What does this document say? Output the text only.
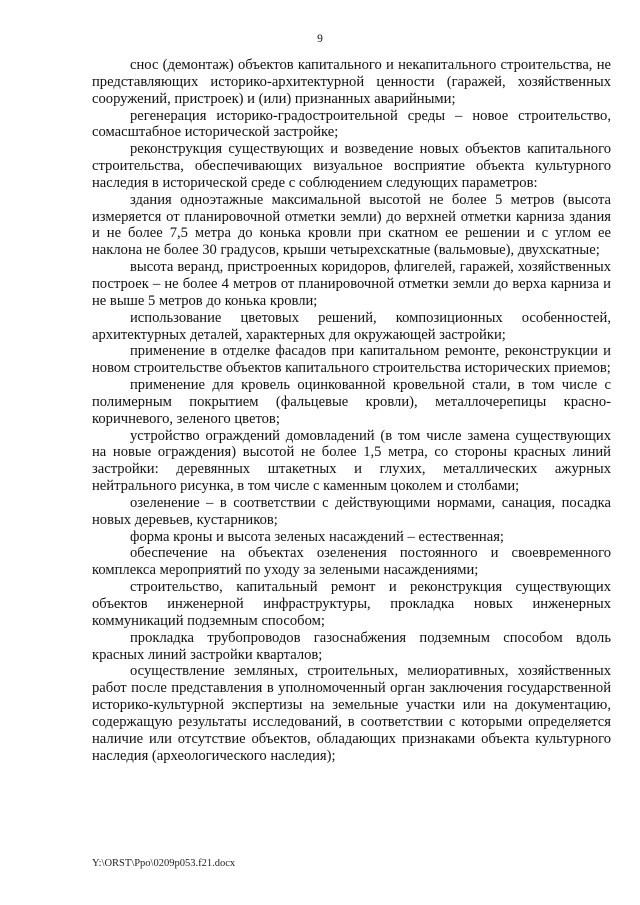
9

снос (демонтаж) объектов капитального и некапитального строительства, не представляющих историко-архитектурной ценности (гаражей, хозяйственных сооружений, пристроек) и (или) признанных аварийными;

регенерация историко-градостроительной среды – новое строительство, сомасштабное исторической застройке;

реконструкция существующих и возведение новых объектов капитального строительства, обеспечивающих визуальное восприятие объекта культурного наследия в исторической среде с соблюдением следующих параметров:

здания одноэтажные максимальной высотой не более 5 метров (высота измеряется от планировочной отметки земли) до верхней отметки карниза здания и не более 7,5 метра до конька кровли при скатном ее решении и с углом ее наклона не более 30 градусов, крыши четырехскатные (вальмовые), двухскатные;

высота веранд, пристроенных коридоров, флигелей, гаражей, хозяйственных построек – не более 4 метров от планировочной отметки земли до верха карниза и не выше 5 метров до конька кровли;

использование цветовых решений, композиционных особенностей, архитектурных деталей, характерных для окружающей застройки;

применение в отделке фасадов при капитальном ремонте, реконструкции и новом строительстве объектов капитального строительства исторических приемов;

применение для кровель оцинкованной кровельной стали, в том числе с полимерным покрытием (фальцевые кровли), металлочерепицы красно-коричневого, зеленого цветов;

устройство ограждений домовладений (в том числе замена существующих на новые ограждения) высотой не более 1,5 метра, со стороны красных линий застройки: деревянных штакетных и глухих, металлических ажурных нейтрального рисунка, в том числе с каменным цоколем и столбами;

озеленение – в соответствии с действующими нормами, санация, посадка новых деревьев, кустарников;

форма кроны и высота зеленых насаждений – естественная;

обеспечение на объектах озеленения постоянного и своевременного комплекса мероприятий по уходу за зелеными насаждениями;

строительство, капитальный ремонт и реконструкция существующих объектов инженерной инфраструктуры, прокладка новых инженерных коммуникаций подземным способом;

прокладка трубопроводов газоснабжения подземным способом вдоль красных линий застройки кварталов;

осуществление земляных, строительных, мелиоративных, хозяйственных работ после представления в уполномоченный орган заключения государственной историко-культурной экспертизы на земельные участки или на документацию, содержащую результаты исследований, в соответствии с которыми определяется наличие или отсутствие объектов, обладающих признаками объекта культурного наследия (археологического наследия);

Y:\ORST\Ppo\0209p053.f21.docx
